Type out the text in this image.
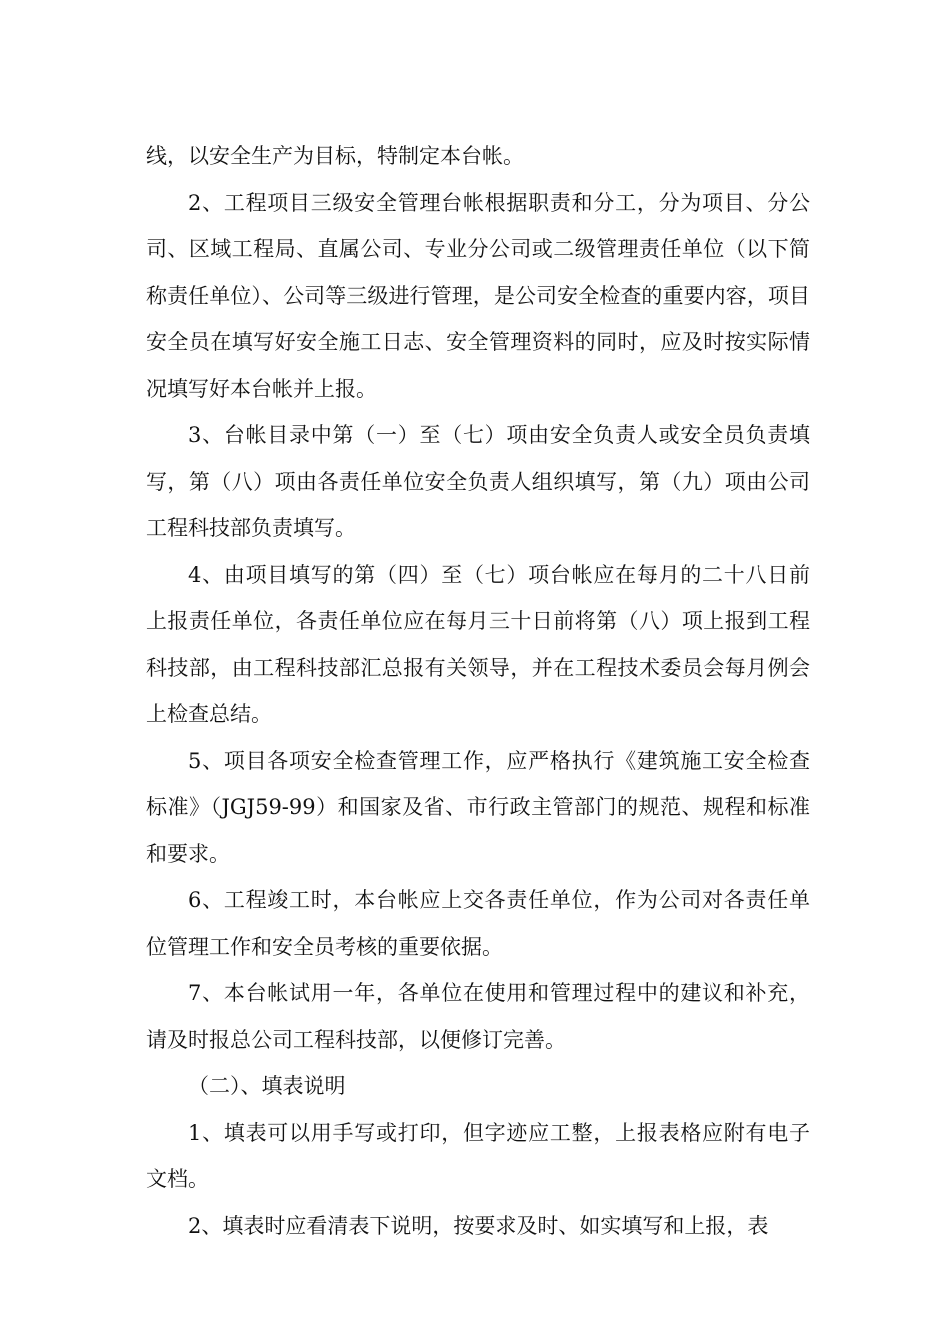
线，以安全生产为目标，特制定本台帐。

2、工程项目三级安全管理台帐根据职责和分工，分为项目、分公司、区域工程局、直属公司、专业分公司或二级管理责任单位（以下简称责任单位）、公司等三级进行管理，是公司安全检查的重要内容，项目安全员在填写好安全施工日志、安全管理资料的同时，应及时按实际情况填写好本台帐并上报。

3、台帐目录中第（一）至（七）项由安全负责人或安全员负责填写，第（八）项由各责任单位安全负责人组织填写，第（九）项由公司工程科技部负责填写。

4、由项目填写的第（四）至（七）项台帐应在每月的二十八日前上报责任单位，各责任单位应在每月三十日前将第（八）项上报到工程科技部，由工程科技部汇总报有关领导，并在工程技术委员会每月例会上检查总结。

5、项目各项安全检查管理工作，应严格执行《建筑施工安全检查标准》（JGJ59-99）和国家及省、市行政主管部门的规范、规程和标准和要求。

6、工程竣工时，本台帐应上交各责任单位，作为公司对各责任单位管理工作和安全员考核的重要依据。

7、本台帐试用一年，各单位在使用和管理过程中的建议和补充，请及时报总公司工程科技部，以便修订完善。

（二）、填表说明

1、填表可以用手写或打印，但字迹应工整，上报表格应附有电子文档。

2、填表时应看清表下说明，按要求及时、如实填写和上报，表
